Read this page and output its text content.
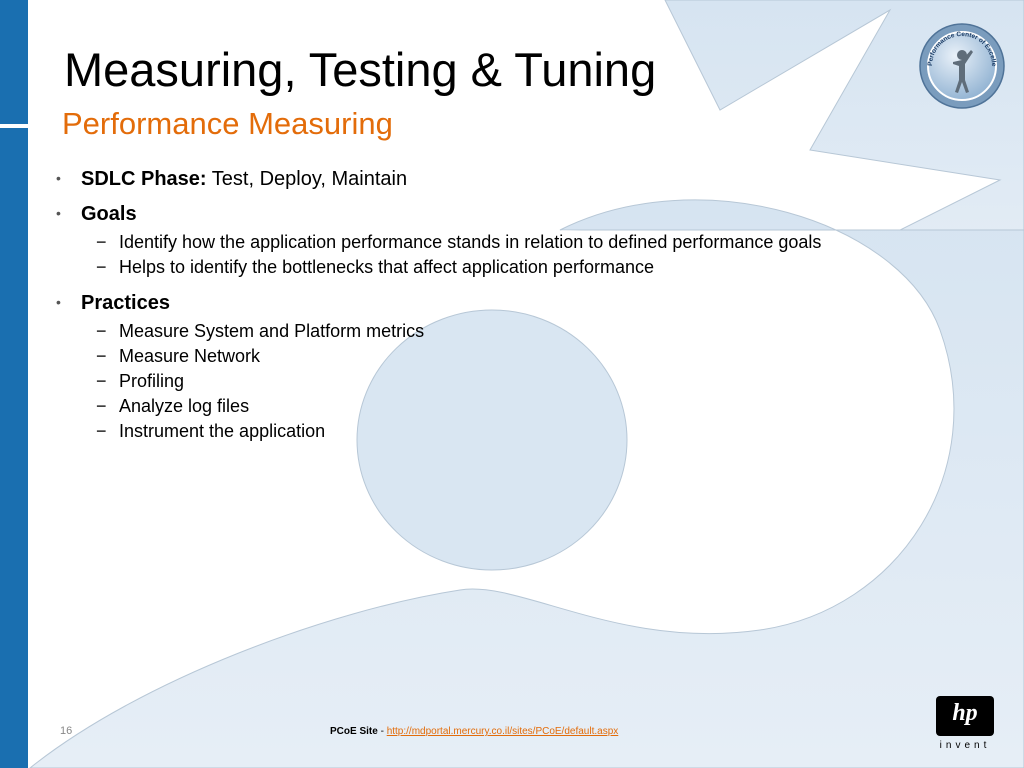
Measuring, Testing & Tuning
Performance Measuring
Performance Center of Excelle
• SDLC Phase: Test, Deploy, Maintain
• Goals
− Identify how the application performance stands in relation to defined performance goals
− Helps to identify the bottlenecks that affect application performance
• Practices
− Measure System and Platform metrics
− Measure Network
− Profiling
− Analyze log files
− Instrument the application
16	PCoE Site - http://mdportal.mercury.co.il/sites/PCoE/default.aspx
hp
invent
